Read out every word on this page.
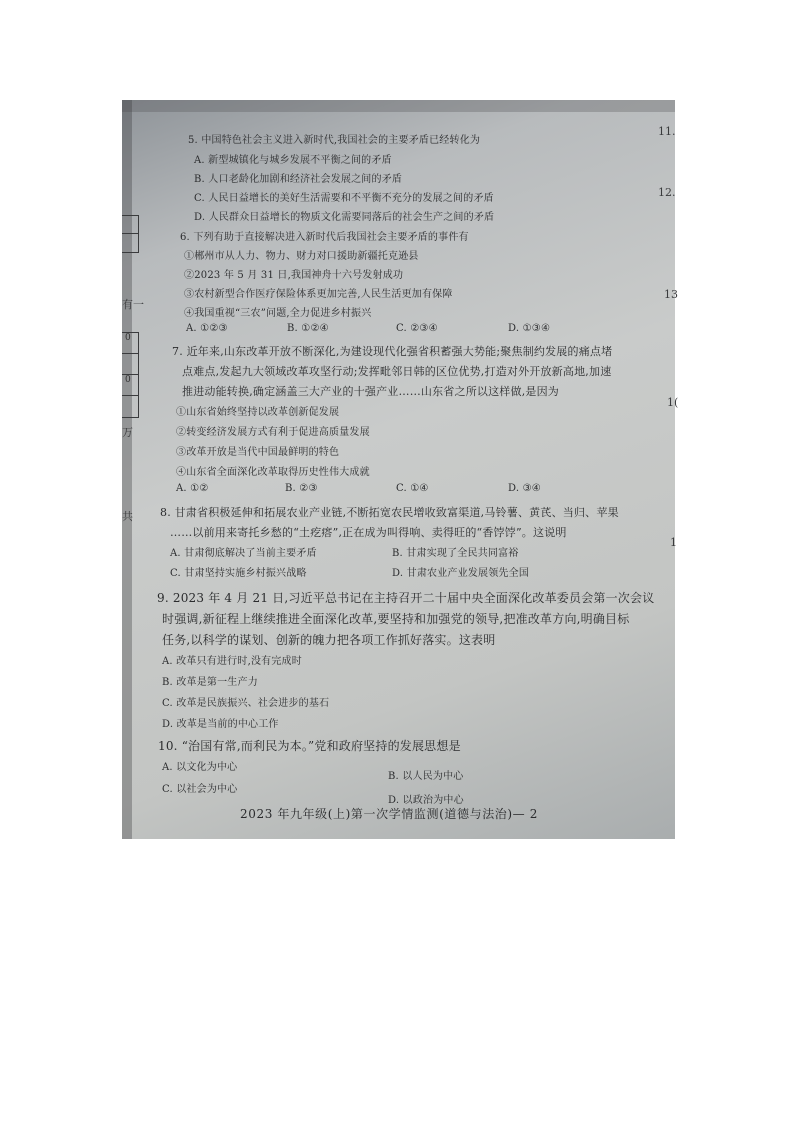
有一
0
0
万
共
11.
12.
13
1(
1
5. 中国特色社会主义进入新时代,我国社会的主要矛盾已经转化为
A. 新型城镇化与城乡发展不平衡之间的矛盾
B. 人口老龄化加剧和经济社会发展之间的矛盾
C. 人民日益增长的美好生活需要和不平衡不充分的发展之间的矛盾
D. 人民群众日益增长的物质文化需要同落后的社会生产之间的矛盾
6. 下列有助于直接解决进入新时代后我国社会主要矛盾的事件有
①郴州市从人力、物力、财力对口援助新疆托克逊县
②2023 年 5 月 31 日,我国神舟十六号发射成功
③农村新型合作医疗保险体系更加完善,人民生活更加有保障
④我国重视“三农”问题,全力促进乡村振兴
A. ①②③	B. ①②④	C. ②③④	D. ①③④
7. 近年来,山东改革开放不断深化,为建设现代化强省积蓄强大势能;聚焦制约发展的痛点堵
点难点,发起九大领域改革攻坚行动;发挥毗邻日韩的区位优势,打造对外开放新高地,加速
推进动能转换,确定涵盖三大产业的十强产业……山东省之所以这样做,是因为
①山东省始终坚持以改革创新促发展
②转变经济发展方式有利于促进高质量发展
③改革开放是当代中国最鲜明的特色
④山东省全面深化改革取得历史性伟大成就
A. ①②	B. ②③	C. ①④	D. ③④
8. 甘肃省积极延伸和拓展农业产业链,不断拓宽农民增收致富渠道,马铃薯、黄芪、当归、苹果
……以前用来寄托乡愁的“土疙瘩”,正在成为叫得响、卖得旺的“香饽饽”。这说明
A. 甘肃彻底解决了当前主要矛盾	B. 甘肃实现了全民共同富裕
C. 甘肃坚持实施乡村振兴战略	D. 甘肃农业产业发展领先全国
9. 2023 年 4 月 21 日,习近平总书记在主持召开二十届中央全面深化改革委员会第一次会议
时强调,新征程上继续推进全面深化改革,要坚持和加强党的领导,把准改革方向,明确目标
任务,以科学的谋划、创新的魄力把各项工作抓好落实。这表明
A. 改革只有进行时,没有完成时
B. 改革是第一生产力
C. 改革是民族振兴、社会进步的基石
D. 改革是当前的中心工作
10. “治国有常,而利民为本。”党和政府坚持的发展思想是
A. 以文化为中心
B. 以人民为中心
C. 以社会为中心
D. 以政治为中心
2023 年九年级(上)第一次学情监测(道德与法治)— 2
